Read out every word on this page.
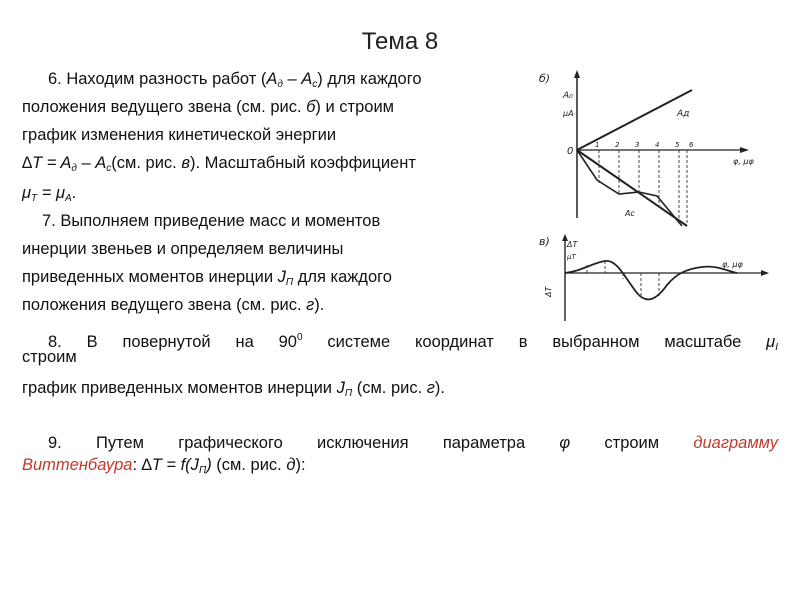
Тема 8
6. Находим разность работ $(A_д - A_c)$ для каждого
положения ведущего звена (см. рис. б) и строим
график изменения кинетической энергии
$\Delta T = A_д - A_c(см$. рис. в). Масштабный коэффициент
$\mu_T = \mu_A$.
7. Выполняем приведение масс и моментов
инерции звеньев и определяем величины
приведенных моментов инерции $J_П$ для каждого
положения ведущего звена (см. рис. г).
8. В повернутой на $90^0$ системе координат в выбранном масштабе $\mu_I$
строим
график приведенных моментов инерции $J_П$ (см. рис. г).
9. Путем графического исключения параметра φ строим диаграмму
Виттенбаура: $\Delta T = f(J_П)$ (см. рис. д):
б)
A₀
μA
0
φ, μφ
Aд
Ac
1 2 3 4 5 6
в) ΔT
μT
ΔT
φ, μφ
